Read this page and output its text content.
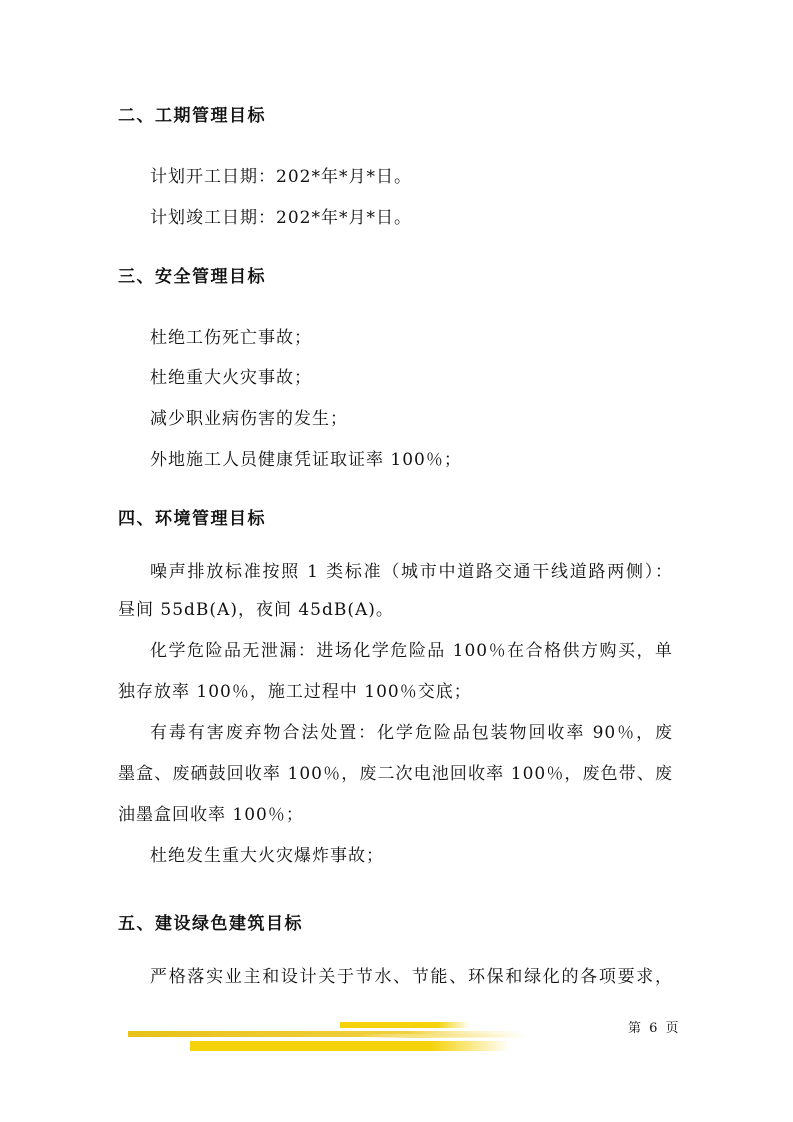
二、工期管理目标
计划开工日期：202*年*月*日。
计划竣工日期：202*年*月*日。
三、安全管理目标
杜绝工伤死亡事故；
杜绝重大火灾事故；
减少职业病伤害的发生；
外地施工人员健康凭证取证率 100％；
四、环境管理目标
噪声排放标准按照 1 类标准（城市中道路交通干线道路两侧）：
昼间 55dB(A)，夜间 45dB(A)。
化学危险品无泄漏：进场化学危险品 100％在合格供方购买，单
独存放率 100％，施工过程中 100％交底；
有毒有害废弃物合法处置：化学危险品包装物回收率 90％，废
墨盒、废硒鼓回收率 100％，废二次电池回收率 100％，废色带、废
油墨盒回收率 100％；
杜绝发生重大火灾爆炸事故；
五、建设绿色建筑目标
严格落实业主和设计关于节水、节能、环保和绿化的各项要求，
第 6 页
